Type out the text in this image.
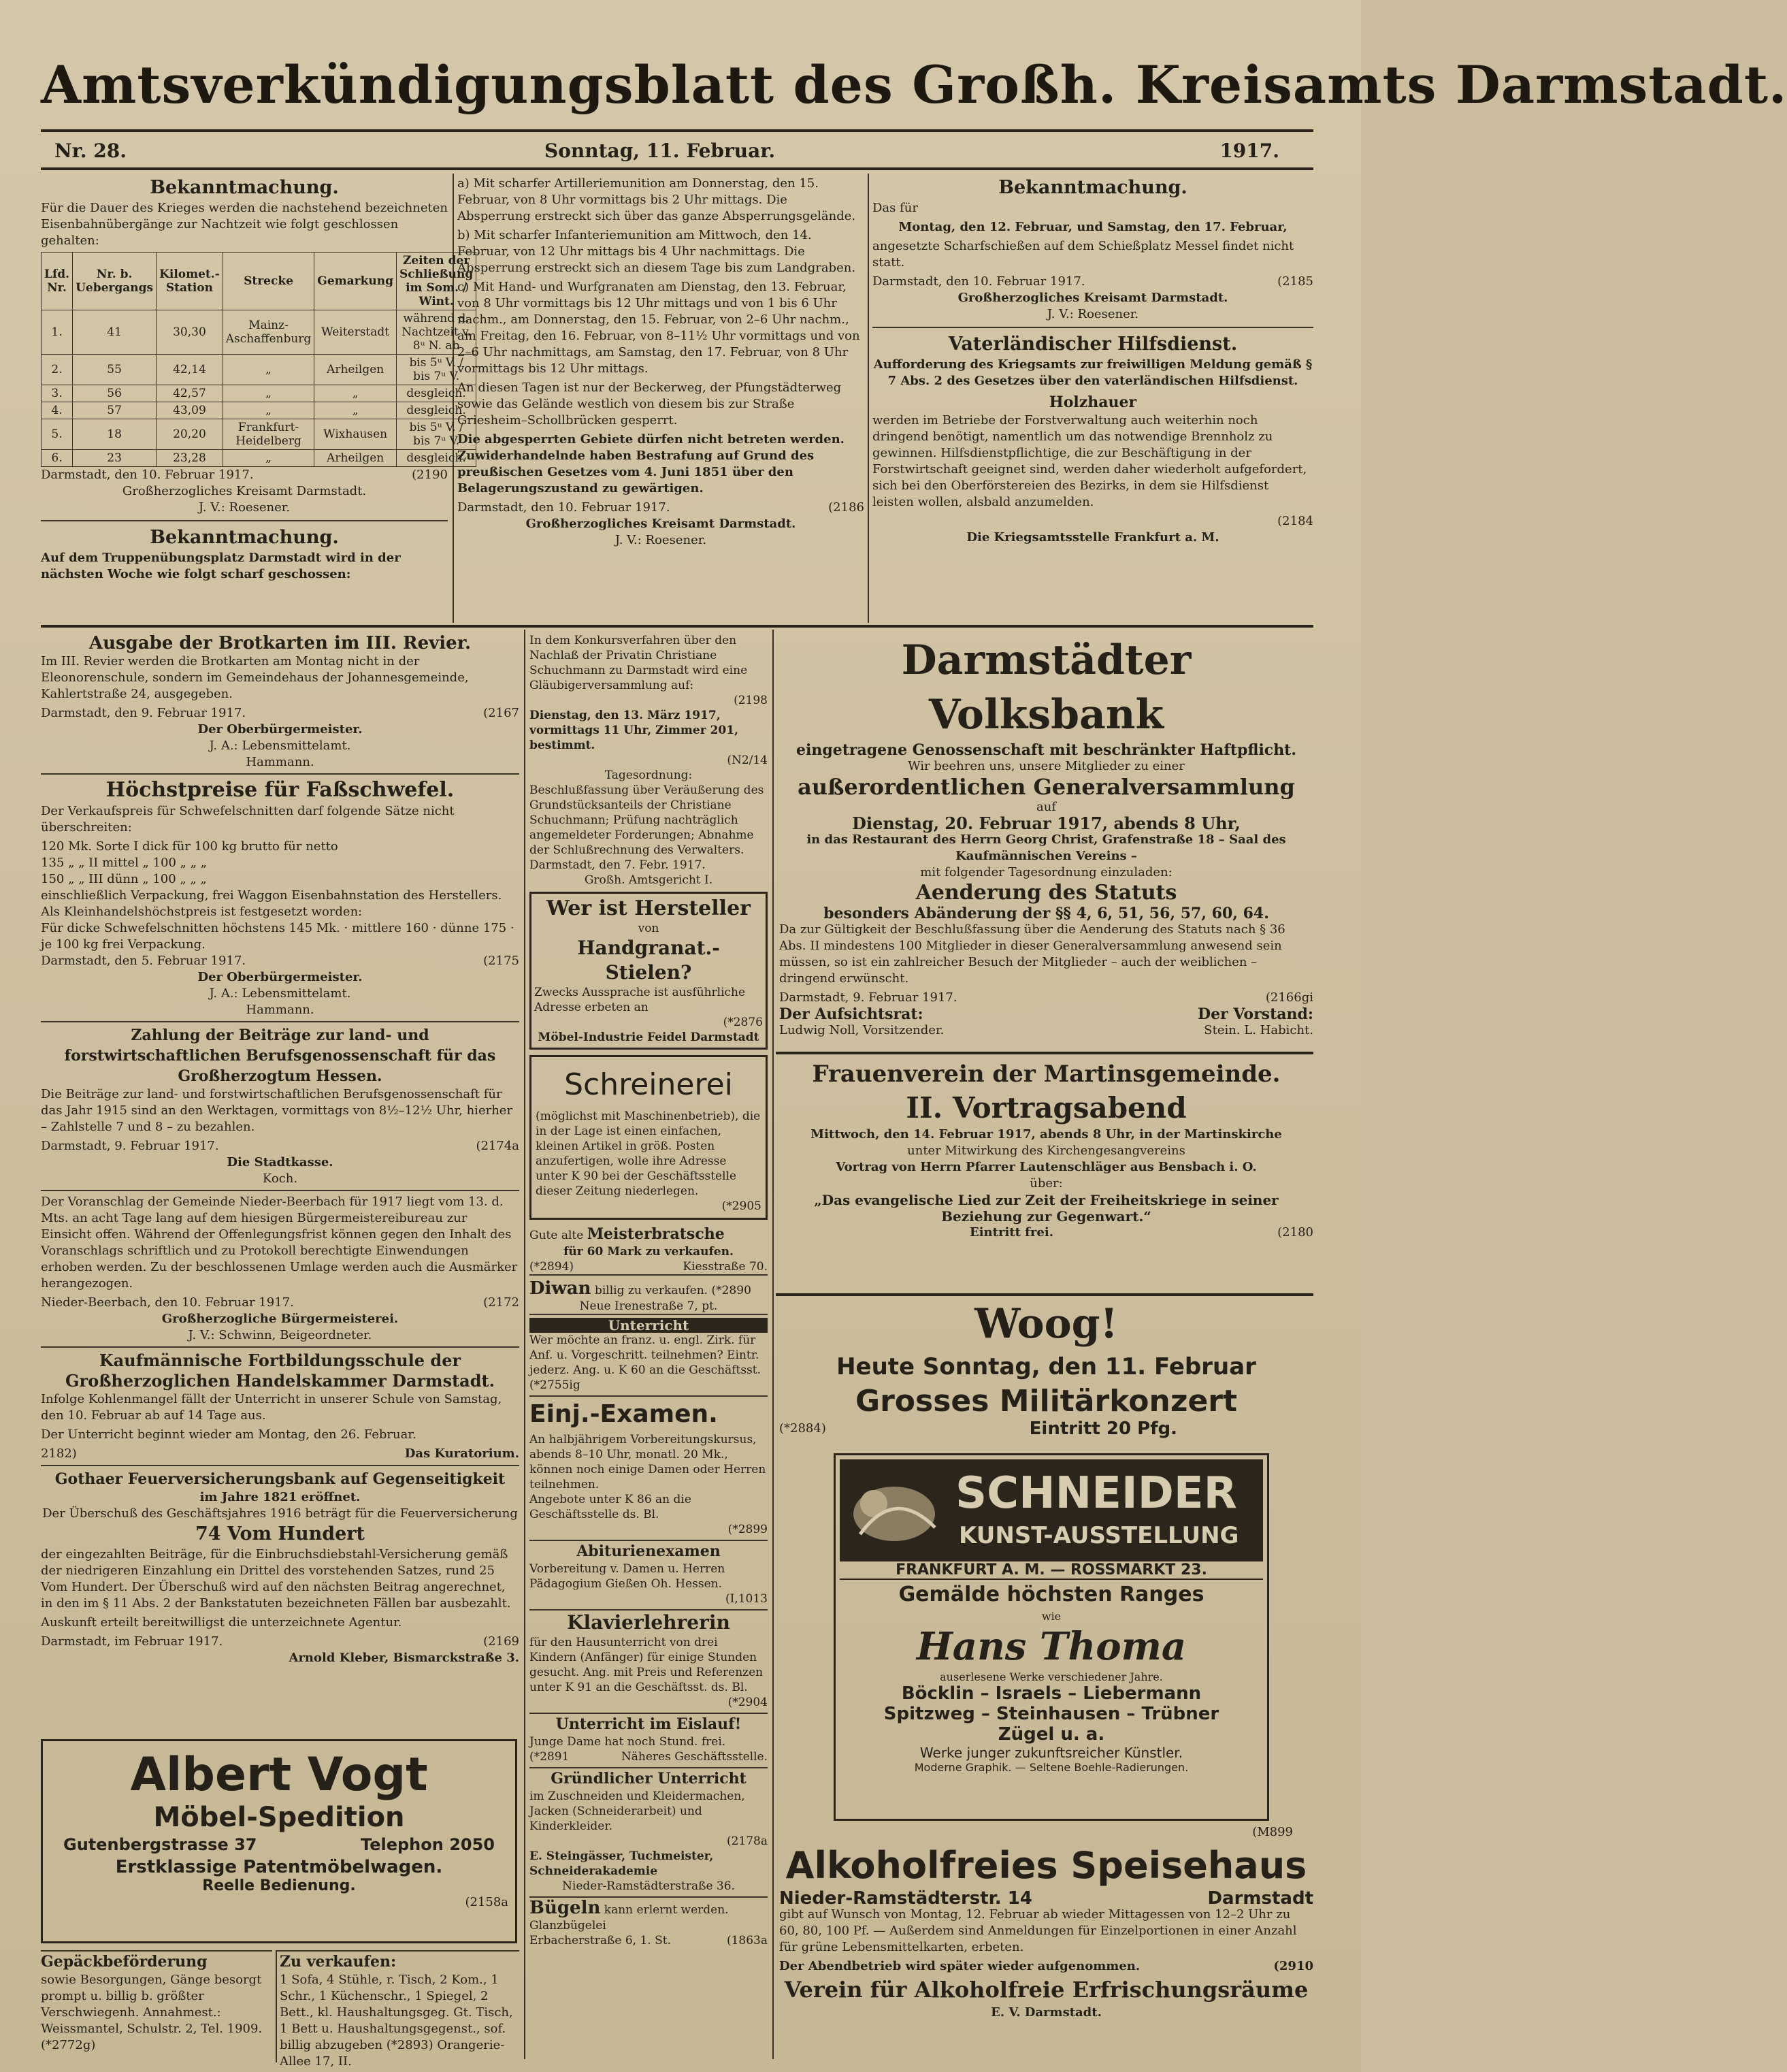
Amtsverkündigungsblatt des Großh. Kreisamts Darmstadt.
Nr. 28.	Sonntag, 11. Februar.	1917.
Bekanntmachung.

Für die Dauer des Krieges werden die nachstehend bezeichneten Eisenbahnübergänge zur Nachtzeit wie folgt geschlossen gehalten:

Lfd. Nr.	Nr. b. Uebergangs	Kilomet.-Station	Strecke	Gemarkung	Zeiten der Schließung im Som. / Wint.
1.	41	30,30	Mainz-Aschaffenburg	Weiterstadt	während d. Nachtzeit v. 8ᵘ N. ab
2.	55	42,14	„	Arheilgen	bis 5ᵘ V. / bis 7ᵘ V.
3.	56	42,57	„	„	desgleich.
4.	57	43,09	„	„	desgleich.
5.	18	20,20	Frankfurt-Heidelberg	Wixhausen	bis 5ᵘ V. / bis 7ᵘ V.
6.	23	23,28	„	Arheilgen	desgleich.
Darmstadt, den 10. Februar 1917.	(2190
Großherzogliches Kreisamt Darmstadt.
J. V.: Roesener.
Bekanntmachung.

Auf dem Truppenübungsplatz Darmstadt wird in der nächsten Woche wie folgt scharf geschossen:

a) Mit scharfer Artilleriemunition am Donnerstag, den 15. Februar, von 8 Uhr vormittags bis 2 Uhr mittags. Die Absperrung erstreckt sich über das ganze Absperrungsgelände.

b) Mit scharfer Infanteriemunition am Mittwoch, den 14. Februar, von 12 Uhr mittags bis 4 Uhr nachmittags. Die Absperrung erstreckt sich an diesem Tage bis zum Landgraben.

c) Mit Hand- und Wurfgranaten am Dienstag, den 13. Februar, von 8 Uhr vormittags bis 12 Uhr mittags und von 1 bis 6 Uhr nachm., am Donnerstag, den 15. Februar, von 2–6 Uhr nachm., am Freitag, den 16. Februar, von 8–11½ Uhr vormittags und von 2–6 Uhr nachmittags, am Samstag, den 17. Februar, von 8 Uhr vormittags bis 12 Uhr mittags.

An diesen Tagen ist nur der Beckerweg, der Pfungstädterweg sowie das Gelände westlich von diesem bis zur Straße Griesheim–Schollbrücken gesperrt.

Die abgesperrten Gebiete dürfen nicht betreten werden. Zuwiderhandelnde haben Bestrafung auf Grund des preußischen Gesetzes vom 4. Juni 1851 über den Belagerungszustand zu gewärtigen.

Darmstadt, den 10. Februar 1917.	(2186
Großherzogliches Kreisamt Darmstadt.
J. V.: Roesener.
Bekanntmachung.

Das für

Montag, den 12. Februar, und Samstag, den 17. Februar,

angesetzte Scharfschießen auf dem Schießplatz Messel findet nicht statt.

Darmstadt, den 10. Februar 1917.	(2185
Großherzogliches Kreisamt Darmstadt.
J. V.: Roesener.
Vaterländischer Hilfsdienst.

Aufforderung des Kriegsamts zur freiwilligen Meldung gemäß § 7 Abs. 2 des Gesetzes über den vaterländischen Hilfsdienst.

Holzhauer

werden im Betriebe der Forstverwaltung auch weiterhin noch dringend benötigt, namentlich um das notwendige Brennholz zu gewinnen. Hilfsdienstpflichtige, die zur Beschäftigung in der Forstwirtschaft geeignet sind, werden daher wiederholt aufgefordert, sich bei den Oberförstereien des Bezirks, in dem sie Hilfsdienst leisten wollen, alsbald anzumelden.

(2184
Die Kriegsamtsstelle Frankfurt a. M.
Ausgabe der Brotkarten im III. Revier.

Im III. Revier werden die Brotkarten am Montag nicht in der Eleonorenschule, sondern im Gemeindehaus der Johannesgemeinde, Kahlertstraße 24, ausgegeben.

Darmstadt, den 9. Februar 1917.	(2167
Der Oberbürgermeister.
J. A.: Lebensmittelamt.
Hammann.
Höchstpreise für Faßschwefel.

Der Verkaufspreis für Schwefelschnitten darf folgende Sätze nicht überschreiten:

120 Mk. Sorte I dick für 100 kg brutto für netto
135 „ „ II mittel „ 100 „ „ „
150 „ „ III dünn „ 100 „ „ „
einschließlich Verpackung, frei Waggon Eisenbahnstation des Herstellers.
Als Kleinhandelshöchstpreis ist festgesetzt worden:
Für dicke Schwefelschnitten höchstens 145 Mk. · mittlere 160 · dünne 175 · je 100 kg frei Verpackung.
Darmstadt, den 5. Februar 1917.	(2175
Der Oberbürgermeister.
J. A.: Lebensmittelamt.
Hammann.
Zahlung der Beiträge zur land- und forstwirtschaftlichen Berufsgenossenschaft für das Großherzogtum Hessen.

Die Beiträge zur land- und forstwirtschaftlichen Berufsgenossenschaft für das Jahr 1915 sind an den Werktagen, vormittags von 8½–12½ Uhr, hierher – Zahlstelle 7 und 8 – zu bezahlen.

Darmstadt, 9. Februar 1917.	(2174a
Die Stadtkasse.
Koch.

Der Voranschlag der Gemeinde Nieder-Beerbach für 1917 liegt vom 13. d. Mts. an acht Tage lang auf dem hiesigen Bürgermeistereibureau zur Einsicht offen. Während der Offenlegungsfrist können gegen den Inhalt des Voranschlags schriftlich und zu Protokoll berechtigte Einwendungen erhoben werden. Zu der beschlossenen Umlage werden auch die Ausmärker herangezogen.

Nieder-Beerbach, den 10. Februar 1917.	(2172
Großherzogliche Bürgermeisterei.
J. V.: Schwinn, Beigeordneter.
Kaufmännische Fortbildungsschule der Großherzoglichen Handelskammer Darmstadt.

Infolge Kohlenmangel fällt der Unterricht in unserer Schule von Samstag, den 10. Februar ab auf 14 Tage aus.

Der Unterricht beginnt wieder am Montag, den 26. Februar.

2182)	Das Kuratorium.
Gothaer Feuerversicherungsbank auf Gegenseitigkeit
im Jahre 1821 eröffnet.
Der Überschuß des Geschäftsjahres 1916 beträgt für die Feuerversicherung
74 Vom Hundert

der eingezahlten Beiträge, für die Einbruchsdiebstahl-Versicherung gemäß der niedrigeren Einzahlung ein Drittel des vorstehenden Satzes, rund 25 Vom Hundert. Der Überschuß wird auf den nächsten Beitrag angerechnet, in den im § 11 Abs. 2 der Bankstatuten bezeichneten Fällen bar ausbezahlt.

Auskunft erteilt bereitwilligst die unterzeichnete Agentur.

Darmstadt, im Februar 1917.	(2169
Arnold Kleber, Bismarckstraße 3.
Albert Vogt
Möbel-Spedition
Gutenbergstrasse 37	Telephon 2050
Erstklassige Patentmöbelwagen.
Reelle Bedienung.
(2158a
Gepäckbeförderung
sowie Besorgungen, Gänge besorgt prompt u. billig b. größter Verschwiegenh. Annahmest.: Weissmantel, Schulstr. 2, Tel. 1909. (*2772g)
Zu verkaufen:
1 Sofa, 4 Stühle, r. Tisch, 2 Kom., 1 Schr., 1 Küchenschr., 1 Spiegel, 2 Bett., kl. Haushaltungsgeg. Gt. Tisch, 1 Bett u. Haushaltungsgegenst., sof. billig abzugeben (*2893) Orangerie-Allee 17, II.
In dem Konkursverfahren über den Nachlaß der Privatin Christiane Schuchmann zu Darmstadt wird eine Gläubigerversammlung auf:
(2198
Dienstag, den 13. März 1917, vormittags 11 Uhr, Zimmer 201, bestimmt.
(N2/14
Tagesordnung:
Beschlußfassung über Veräußerung des Grundstücksanteils der Christiane Schuchmann; Prüfung nachträglich angemeldeter Forderungen; Abnahme der Schlußrechnung des Verwalters.
Darmstadt, den 7. Febr. 1917.
Großh. Amtsgericht I.
Wer ist Hersteller
von
Handgranat.-Stielen?
Zwecks Aussprache ist ausführliche Adresse erbeten an
(*2876
Möbel-Industrie Feidel Darmstadt
Schreinerei
(möglichst mit Maschinenbetrieb), die in der Lage ist einen einfachen, kleinen Artikel in größ. Posten anzufertigen, wolle ihre Adresse unter K 90 bei der Geschäftsstelle dieser Zeitung niederlegen.
(*2905
Gute alte Meisterbratsche
für 60 Mark zu verkaufen.
(*2894)	Kiesstraße 70.
Diwan billig zu verkaufen. (*2890
Neue Irenestraße 7, pt.
Unterricht
Wer möchte an franz. u. engl. Zirk. für Anf. u. Vorgeschritt. teilnehmen? Eintr. jederz. Ang. u. K 60 an die Geschäftsst. (*2755ig
Einj.-Examen.
An halbjährigem Vorbereitungskursus, abends 8–10 Uhr, monatl. 20 Mk., können noch einige Damen oder Herren teilnehmen.
Angebote unter K 86 an die Geschäftsstelle ds. Bl.
(*2899
Abiturienexamen
Vorbereitung v. Damen u. Herren Pädagogium Gießen Oh. Hessen.
(I,1013
Klavierlehrerin
für den Hausunterricht von drei Kindern (Anfänger) für einige Stunden gesucht. Ang. mit Preis und Referenzen unter K 91 an die Geschäftsst. ds. Bl.
(*2904
Unterricht im Eislauf!
Junge Dame hat noch Stund. frei.
(*2891	Näheres Geschäftsstelle.
Gründlicher Unterricht
im Zuschneiden und Kleidermachen, Jacken (Schneiderarbeit) und Kinderkleider.
(2178a
E. Steingässer, Tuchmeister, Schneiderakademie
Nieder-Ramstädterstraße 36.
Bügeln kann erlernt werden. Glanzbügelei
Erbacherstraße 6, 1. St.	(1863a
Darmstädter Volksbank
eingetragene Genossenschaft mit beschränkter Haftpflicht.
Wir beehren uns, unsere Mitglieder zu einer
außerordentlichen Generalversammlung
auf
Dienstag, 20. Februar 1917, abends 8 Uhr,
in das Restaurant des Herrn Georg Christ, Grafenstraße 18 – Saal des Kaufmännischen Vereins –
mit folgender Tagesordnung einzuladen:
Aenderung des Statuts
besonders Abänderung der §§ 4, 6, 51, 56, 57, 60, 64.

Da zur Gültigkeit der Beschlußfassung über die Aenderung des Statuts nach § 36 Abs. II mindestens 100 Mitglieder in dieser Generalversammlung anwesend sein müssen, so ist ein zahlreicher Besuch der Mitglieder – auch der weiblichen – dringend erwünscht.

Darmstadt, 9. Februar 1917.	(2166gi
Der Aufsichtsrat:	Der Vorstand:
Ludwig Noll, Vorsitzender.	Stein. L. Habicht.
Frauenverein der Martinsgemeinde.
II. Vortragsabend
Mittwoch, den 14. Februar 1917, abends 8 Uhr, in der Martinskirche
unter Mitwirkung des Kirchengesangvereins
Vortrag von Herrn Pfarrer Lautenschläger aus Bensbach i. O.
über:
„Das evangelische Lied zur Zeit der Freiheitskriege in seiner Beziehung zur Gegenwart.“
Eintritt frei.	(2180
Woog!
Heute Sonntag, den 11. Februar
Grosses Militärkonzert
(*2884)	Eintritt 20 Pfg.
SCHNEIDER
KUNST-AUSSTELLUNG
FRANKFURT A. M. — ROSSMARKT 23.
Gemälde höchsten Ranges
wie
Hans Thoma
auserlesene Werke verschiedener Jahre.
Böcklin – Israels – Liebermann
Spitzweg – Steinhausen – Trübner
Zügel u. a.
Werke junger zukunftsreicher Künstler.
Moderne Graphik. — Seltene Boehle-Radierungen.
(M899
Alkoholfreies Speisehaus
Nieder-Ramstädterstr. 14	Darmstadt

gibt auf Wunsch von Montag, 12. Februar ab wieder Mittagessen von 12–2 Uhr zu 60, 80, 100 Pf. — Außerdem sind Anmeldungen für Einzelportionen in einer Anzahl für grüne Lebensmittelkarten, erbeten.

Der Abendbetrieb wird später wieder aufgenommen.	(2910
Verein für Alkoholfreie Erfrischungsräume
E. V. Darmstadt.
